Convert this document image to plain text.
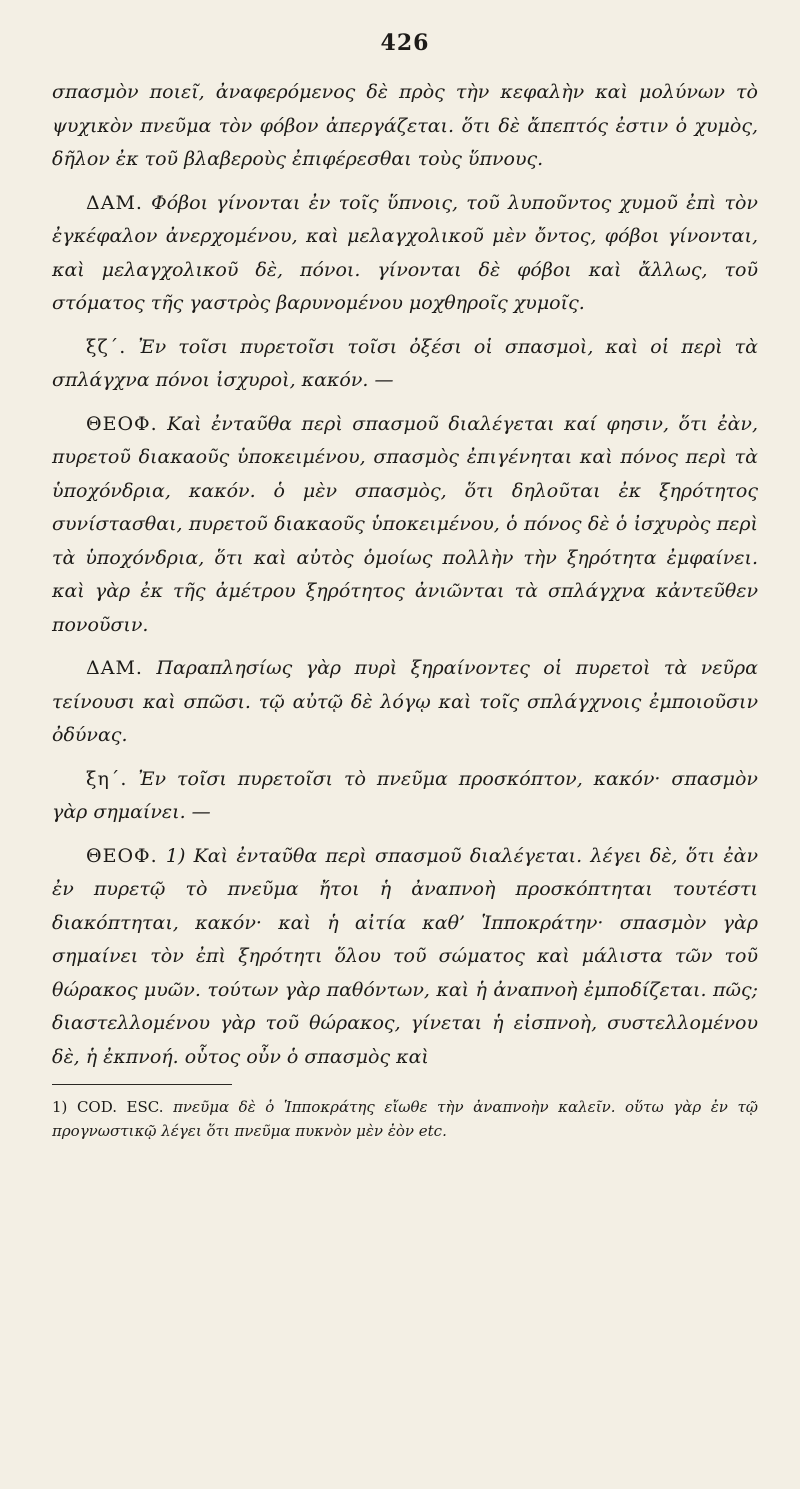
426

σπασμὸν ποιεῖ, ἀναφερόμενος δὲ πρὸς τὴν κεφαλὴν καὶ μολύνων τὸ ψυχικὸν πνεῦμα τὸν φόβον ἀπεργάζεται. ὅτι δὲ ἄπεπτός ἐστιν ὁ χυμὸς, δῆλον ἐκ τοῦ βλαβεροὺς ἐπιφέρεσθαι τοὺς ὕπνους.

ΔΑΜ. Φόβοι γίνονται ἐν τοῖς ὕπνοις, τοῦ λυποῦντος χυμοῦ ἐπὶ τὸν ἐγκέφαλον ἀνερχομένου, καὶ μελαγχολικοῦ μὲν ὄντος, φόβοι γίνονται, καὶ μελαγχολικοῦ δὲ, πόνοι. γίνονται δὲ φόβοι καὶ ἄλλως, τοῦ στόματος τῆς γαστρὸς βαρυνομένου μοχθηροῖς χυμοῖς.

ξζ΄. Ἐν τοῖσι πυρετοῖσι τοῖσι ὀξέσι οἱ σπασμοὶ, καὶ οἱ περὶ τὰ σπλάγχνα πόνοι ἰσχυροὶ, κακόν. —

ΘΕΟΦ. Καὶ ἐνταῦθα περὶ σπασμοῦ διαλέγεται καί φησιν, ὅτι ἐὰν, πυρετοῦ διακαοῦς ὑποκειμένου, σπασμὸς ἐπιγένηται καὶ πόνος περὶ τὰ ὑποχόνδρια, κακόν. ὁ μὲν σπασμὸς, ὅτι δηλοῦται ἐκ ξηρότητος συνίστασθαι, πυρετοῦ διακαοῦς ὑποκειμένου, ὁ πόνος δὲ ὁ ἰσχυρὸς περὶ τὰ ὑποχόνδρια, ὅτι καὶ αὐτὸς ὁμοίως πολλὴν τὴν ξηρότητα ἐμφαίνει. καὶ γὰρ ἐκ τῆς ἀμέτρου ξηρότητος ἀνιῶνται τὰ σπλάγχνα κἀντεῦθεν πονοῦσιν.

ΔΑΜ. Παραπλησίως γὰρ πυρὶ ξηραίνοντες οἱ πυρετοὶ τὰ νεῦρα τείνουσι καὶ σπῶσι. τῷ αὐτῷ δὲ λόγῳ καὶ τοῖς σπλάγχνοις ἐμποιοῦσιν ὀδύνας.

ξη΄. Ἐν τοῖσι πυρετοῖσι τὸ πνεῦμα προσκόπτον, κακόν· σπασμὸν γὰρ σημαίνει. —

ΘΕΟΦ. 1) Καὶ ἐνταῦθα περὶ σπασμοῦ διαλέγεται. λέγει δὲ, ὅτι ἐὰν ἐν πυρετῷ τὸ πνεῦμα ἤτοι ἡ ἀναπνοὴ προσκόπτηται τουτέστι διακόπτηται, κακόν· καὶ ἡ αἰτία καθ’ Ἱπποκράτην· σπασμὸν γὰρ σημαίνει τὸν ἐπὶ ξηρότητι ὅλου τοῦ σώματος καὶ μάλιστα τῶν τοῦ θώρακος μυῶν. τούτων γὰρ παθόντων, καὶ ἡ ἀναπνοὴ ἐμποδίζεται. πῶς; διαστελλομένου γὰρ τοῦ θώρακος, γίνεται ἡ εἰσπνοὴ, συστελλομένου δὲ, ἡ ἐκπνοή. οὗτος οὖν ὁ σπασμὸς καὶ

1) COD. ESC. πνεῦμα δὲ ὁ Ἱπποκράτης εἴωθε τὴν ἀναπνοὴν καλεῖν. οὕτω γὰρ ἐν τῷ προγνωστικῷ λέγει ὅτι πνεῦμα πυκνὸν μὲν ἐὸν etc.
